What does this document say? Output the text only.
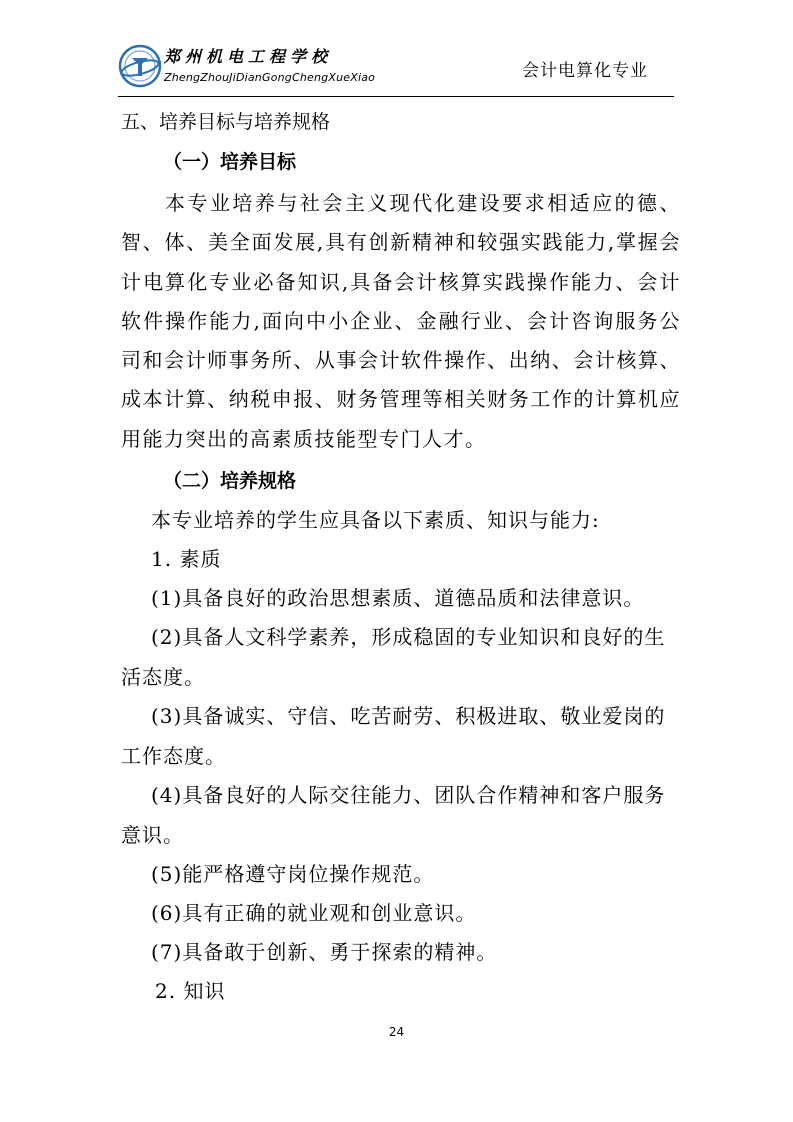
郑州机电工程学校
ZhengZhouJiDianGongChengXueXiao	会计电算化专业
五、培养目标与培养规格
（一）培养目标
本专业培养与社会主义现代化建设要求相适应的德、智、体、美全面发展,具有创新精神和较强实践能力,掌握会计电算化专业必备知识,具备会计核算实践操作能力、会计软件操作能力,面向中小企业、金融行业、会计咨询服务公司和会计师事务所、从事会计软件操作、出纳、会计核算、成本计算、纳税申报、财务管理等相关财务工作的计算机应用能力突出的高素质技能型专门人才。
（二）培养规格
本专业培养的学生应具备以下素质、知识与能力:
1. 素质
(1)具备良好的政治思想素质、道德品质和法律意识。
(2)具备人文科学素养，形成稳固的专业知识和良好的生活态度。
(3)具备诚实、守信、吃苦耐劳、积极进取、敬业爱岗的工作态度。
(4)具备良好的人际交往能力、团队合作精神和客户服务意识。
(5)能严格遵守岗位操作规范。
(6)具有正确的就业观和创业意识。
(7)具备敢于创新、勇于探索的精神。
2. 知识
24
